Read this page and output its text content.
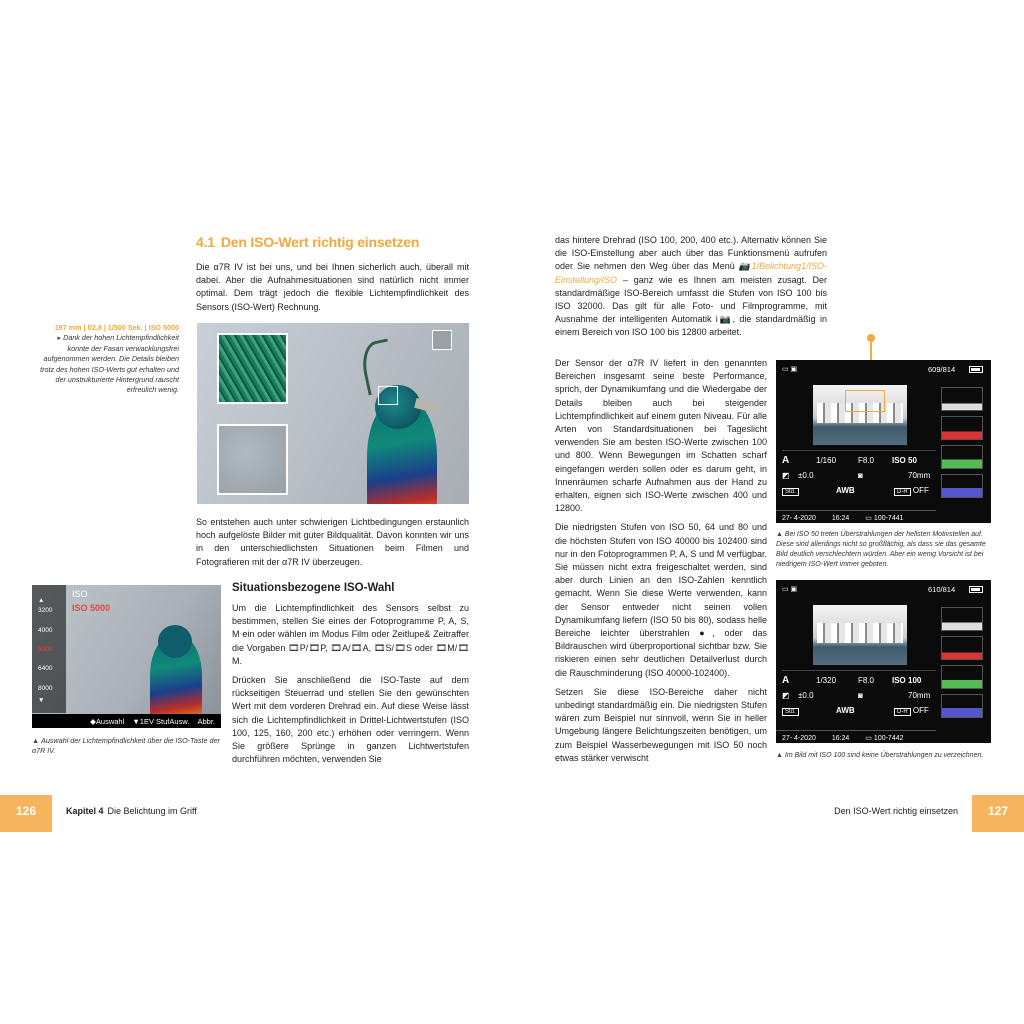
4.1 Den ISO-Wert richtig einsetzen

Die α7R IV ist bei uns, und bei Ihnen sicherlich auch, überall mit dabei. Aber die Aufnahmesituationen sind natürlich nicht immer optimal. Dem trägt jedoch die flexible Lichtempfindlichkeit des Sensors (ISO-Wert) Rechnung.

197 mm | f/2,8 | 1/500 Sek. | ISO 5000
▸ Dank der hohen Lichtempfindlichkeit konnte der Fasan verwacklungsfrei aufgenommen werden. Die Details bleiben trotz des hohen ISO-Werts gut erhalten und der unstrukturierte Hintergrund rauscht erfreulich wenig.

So entstehen auch unter schwierigen Lichtbedingungen erstaunlich hoch aufgelöste Bilder mit guter Bildqualität. Davon konnten wir uns in den unterschiedlichsten Situationen beim Filmen und Fotografieren mit der α7R IV überzeugen.

▲
3200
4000
5000
6400
8000
▼
ISO
ISO 5000
◆Auswahl ▼1EV StufAusw. Abbr.
▲ Auswahl der Lichtempfindlichkeit über die ISO-Taste der α7R IV.
Situationsbezogene ISO-Wahl

Um die Lichtempfindlichkeit des Sensors selbst zu bestimmen, stellen Sie eines der Fotoprogramme P, A, S, M ein oder wählen im Modus Film oder Zeitlupe& Zeitraffer die Vorgaben 🎞P/🎞P, 🎞A/🎞A, 🎞S/🎞S oder 🎞M/🎞M.

Drücken Sie anschließend die ISO-Taste auf dem rückseitigen Steuerrad und stellen Sie den gewünschten Wert mit dem vorderen Drehrad ein. Auf diese Weise lässt sich die Lichtempfindlichkeit in Drittel-Lichtwertstufen (ISO 100, 125, 160, 200 etc.) erhöhen oder verringern. Wenn Sie größere Sprünge in ganzen Lichtwertstufen durchführen möchten, verwenden Sie

das hintere Drehrad (ISO 100, 200, 400 etc.). Alternativ können Sie die ISO-Einstellung aber auch über das Funktionsmenü aufrufen oder Sie nehmen den Weg über das Menü 📷1/Belichtung1/ISO-Einstellung/ISO – ganz wie es Ihnen am meisten zusagt. Der standardmäßige ISO-Bereich umfasst die Stufen von ISO 100 bis ISO 32000. Das gilt für alle Foto- und Filmprogramme, mit Ausnahme der intelligenten Automatik i📷, die standardmäßig in einem Bereich von ISO 100 bis 12800 arbeitet.

Der Sensor der α7R IV liefert in den genannten Bereichen insgesamt seine beste Performance, sprich, der Dynamikumfang und die Wiedergabe der Details bleiben auch bei steigender Lichtempfindlichkeit auf einem guten Niveau. Für alle Arten von Standardsituationen bei Tageslicht verwenden Sie am besten ISO-Werte zwischen 100 und 800. Wenn Bewegungen im Schatten scharf eingefangen werden sollen oder es darum geht, in Innenräumen scharfe Aufnahmen aus der Hand zu erhalten, eignen sich ISO-Werte zwischen 400 und 12800.

Die niedrigsten Stufen von ISO 50, 64 und 80 und die höchsten Stufen von ISO 40000 bis 102400 sind nur in den Fotoprogrammen P, A, S und M verfügbar. Sie müssen nicht extra freigeschaltet werden, sind aber durch Linien an den ISO-Zahlen kenntlich gemacht. Wenn Sie diese Werte verwenden, kann der Sensor entweder nicht seinen vollen Dynamikumfang liefern (ISO 50 bis 80), sodass helle Bereiche leichter überstrahlen ●, oder das Bildrauschen wird überproportional sichtbar bzw. Sie riskieren einen sehr deutlichen Detailverlust durch die Rauschminderung (ISO 40000-102400).

Setzen Sie diese ISO-Bereiche daher nicht unbedingt standardmäßig ein. Die niedrigsten Stufen wären zum Beispiel nur sinnvoll, wenn Sie in heller Umgebung längere Belichtungszeiten benötigen, um zum Beispiel Wasserbewegungen mit ISO 50 noch etwas stärker verwischt

▭ ▣	609/814
A	1/160	F8.0 ISO 50
±0.0
◩	◙	70mm
Std.	AWB	D-R OFF
27- 4-2020 16:24 ▭ 100-7441
▲ Bei ISO 50 treten Überstrahlungen der hellsten Motivstellen auf. Diese sind allerdings nicht so großflächig, als dass sie das gesamte Bild deutlich verschlechtern würden. Aber ein wenig Vorsicht ist bei niedrigem ISO-Wert immer geboten.
▭ ▣	610/814
A	1/320	F8.0 ISO 100
±0.0
◩	◙	70mm
Std.	AWB	D-R OFF
27- 4-2020 16:24 ▭ 100-7442
▲ Im Bild mit ISO 100 sind keine Überstrahlungen zu verzeichnen.
126	Kapitel 4 Die Belichtung im Griff	Den ISO-Wert richtig einsetzen	127
